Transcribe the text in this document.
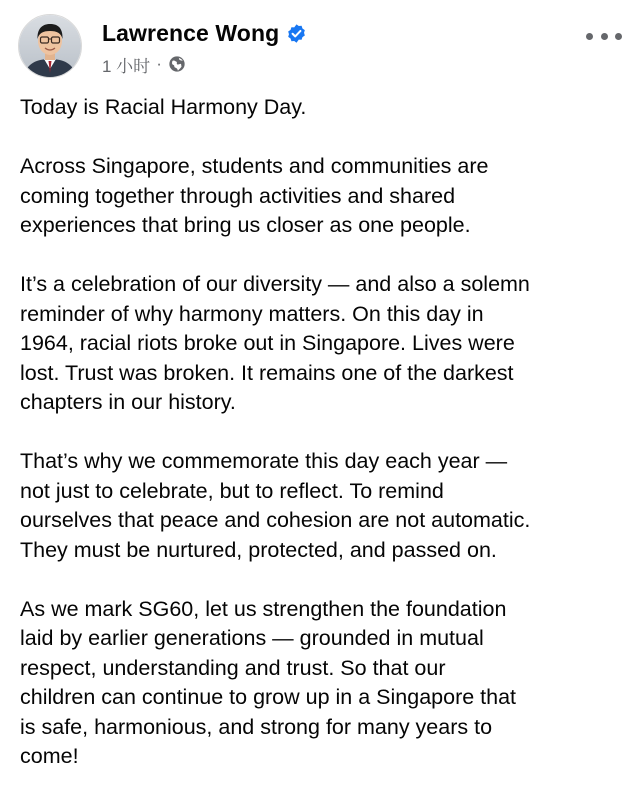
Lawrence Wong
1 小时 ·

Today is Racial Harmony Day.

Across Singapore, students and communities are
coming together through activities and shared
experiences that bring us closer as one people.

It’s a celebration of our diversity — and also a solemn
reminder of why harmony matters. On this day in
1964, racial riots broke out in Singapore. Lives were
lost. Trust was broken. It remains one of the darkest
chapters in our history.

That’s why we commemorate this day each year —
not just to celebrate, but to reflect. To remind
ourselves that peace and cohesion are not automatic.
They must be nurtured, protected, and passed on.

As we mark SG60, let us strengthen the foundation
laid by earlier generations — grounded in mutual
respect, understanding and trust. So that our
children can continue to grow up in a Singapore that
is safe, harmonious, and strong for many years to
come!
